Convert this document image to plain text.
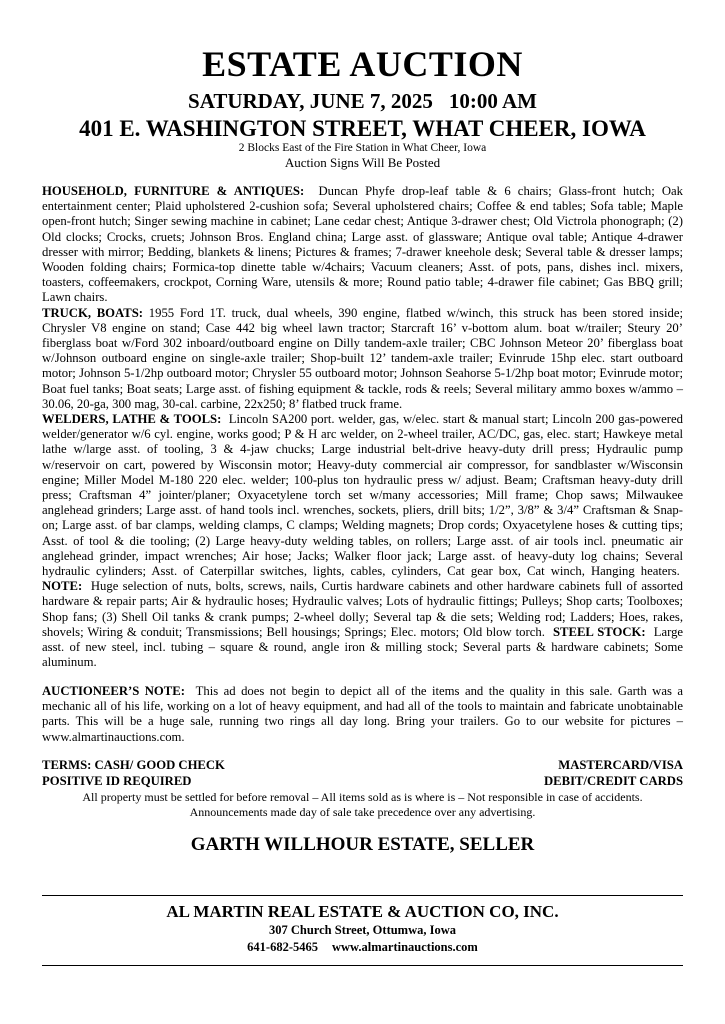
ESTATE AUCTION
SATURDAY, JUNE 7, 2025 10:00 AM
401 E. WASHINGTON STREET, WHAT CHEER, IOWA
2 Blocks East of the Fire Station in What Cheer, Iowa
Auction Signs Will Be Posted

HOUSEHOLD, FURNITURE & ANTIQUES: Duncan Phyfe drop-leaf table & 6 chairs; Glass-front hutch; Oak entertainment center; Plaid upholstered 2-cushion sofa; Several upholstered chairs; Coffee & end tables; Sofa table; Maple open-front hutch; Singer sewing machine in cabinet; Lane cedar chest; Antique 3-drawer chest; Old Victrola phonograph; (2) Old clocks; Crocks, cruets; Johnson Bros. England china; Large asst. of glassware; Antique oval table; Antique 4-drawer dresser with mirror; Bedding, blankets & linens; Pictures & frames; 7-drawer kneehole desk; Several table & dresser lamps; Wooden folding chairs; Formica-top dinette table w/4chairs; Vacuum cleaners; Asst. of pots, pans, dishes incl. mixers, toasters, coffeemakers, crockpot, Corning Ware, utensils & more; Round patio table; 4-drawer file cabinet; Gas BBQ grill; Lawn chairs.

TRUCK, BOATS: 1955 Ford 1T. truck, dual wheels, 390 engine, flatbed w/winch, this struck has been stored inside; Chrysler V8 engine on stand; Case 442 big wheel lawn tractor; Starcraft 16’ v-bottom alum. boat w/trailer; Steury 20’ fiberglass boat w/Ford 302 inboard/outboard engine on Dilly tandem-axle trailer; CBC Johnson Meteor 20’ fiberglass boat w/Johnson outboard engine on single-axle trailer; Shop-built 12’ tandem-axle trailer; Evinrude 15hp elec. start outboard motor; Johnson 5-1/2hp outboard motor; Chrysler 55 outboard motor; Johnson Seahorse 5-1/2hp boat motor; Evinrude motor; Boat fuel tanks; Boat seats; Large asst. of fishing equipment & tackle, rods & reels; Several military ammo boxes w/ammo – 30.06, 20-ga, 300 mag, 30-cal. carbine, 22x250; 8’ flatbed truck frame.

WELDERS, LATHE & TOOLS: Lincoln SA200 port. welder, gas, w/elec. start & manual start; Lincoln 200 gas-powered welder/generator w/6 cyl. engine, works good; P & H arc welder, on 2-wheel trailer, AC/DC, gas, elec. start; Hawkeye metal lathe w/large asst. of tooling, 3 & 4-jaw chucks; Large industrial belt-drive heavy-duty drill press; Hydraulic pump w/reservoir on cart, powered by Wisconsin motor; Heavy-duty commercial air compressor, for sandblaster w/Wisconsin engine; Miller Model M-180 220 elec. welder; 100-plus ton hydraulic press w/ adjust. Beam; Craftsman heavy-duty drill press; Craftsman 4” jointer/planer; Oxyacetylene torch set w/many accessories; Mill frame; Chop saws; Milwaukee anglehead grinders; Large asst. of hand tools incl. wrenches, sockets, pliers, drill bits; 1/2”, 3/8” & 3/4” Craftsman & Snap-on; Large asst. of bar clamps, welding clamps, C clamps; Welding magnets; Drop cords; Oxyacetylene hoses & cutting tips; Asst. of tool & die tooling; (2) Large heavy-duty welding tables, on rollers; Large asst. of air tools incl. pneumatic air anglehead grinder, impact wrenches; Air hose; Jacks; Walker floor jack; Large asst. of heavy-duty log chains; Several hydraulic cylinders; Asst. of Caterpillar switches, lights, cables, cylinders, Cat gear box, Cat winch, Hanging heaters.  NOTE: Huge selection of nuts, bolts, screws, nails, Curtis hardware cabinets and other hardware cabinets full of assorted hardware & repair parts; Air & hydraulic hoses; Hydraulic valves; Lots of hydraulic fittings; Pulleys; Shop carts; Toolboxes; Shop fans; (3) Shell Oil tanks & crank pumps; 2-wheel dolly; Several tap & die sets; Welding rod; Ladders; Hoes, rakes, shovels; Wiring & conduit; Transmissions; Bell housings; Springs; Elec. motors; Old blow torch. STEEL STOCK: Large asst. of new steel, incl. tubing – square & round, angle iron & milling stock; Several parts & hardware cabinets; Some aluminum.

AUCTIONEER’S NOTE: This ad does not begin to depict all of the items and the quality in this sale. Garth was a mechanic all of his life, working on a lot of heavy equipment, and had all of the tools to maintain and fabricate unobtainable parts. This will be a huge sale, running two rings all day long. Bring your trailers. Go to our website for pictures – www.almartinauctions.com.
TERMS: CASH/ GOOD CHECK	MASTERCARD/VISA
POSITIVE ID REQUIRED	DEBIT/CREDIT CARDS
All property must be settled for before removal – All items sold as is where is – Not responsible in case of accidents.
Announcements made day of sale take precedence over any advertising.
GARTH WILLHOUR ESTATE, SELLER
AL MARTIN REAL ESTATE & AUCTION CO, INC.
307 Church Street, Ottumwa, Iowa
641-682-5465 www.almartinauctions.com
